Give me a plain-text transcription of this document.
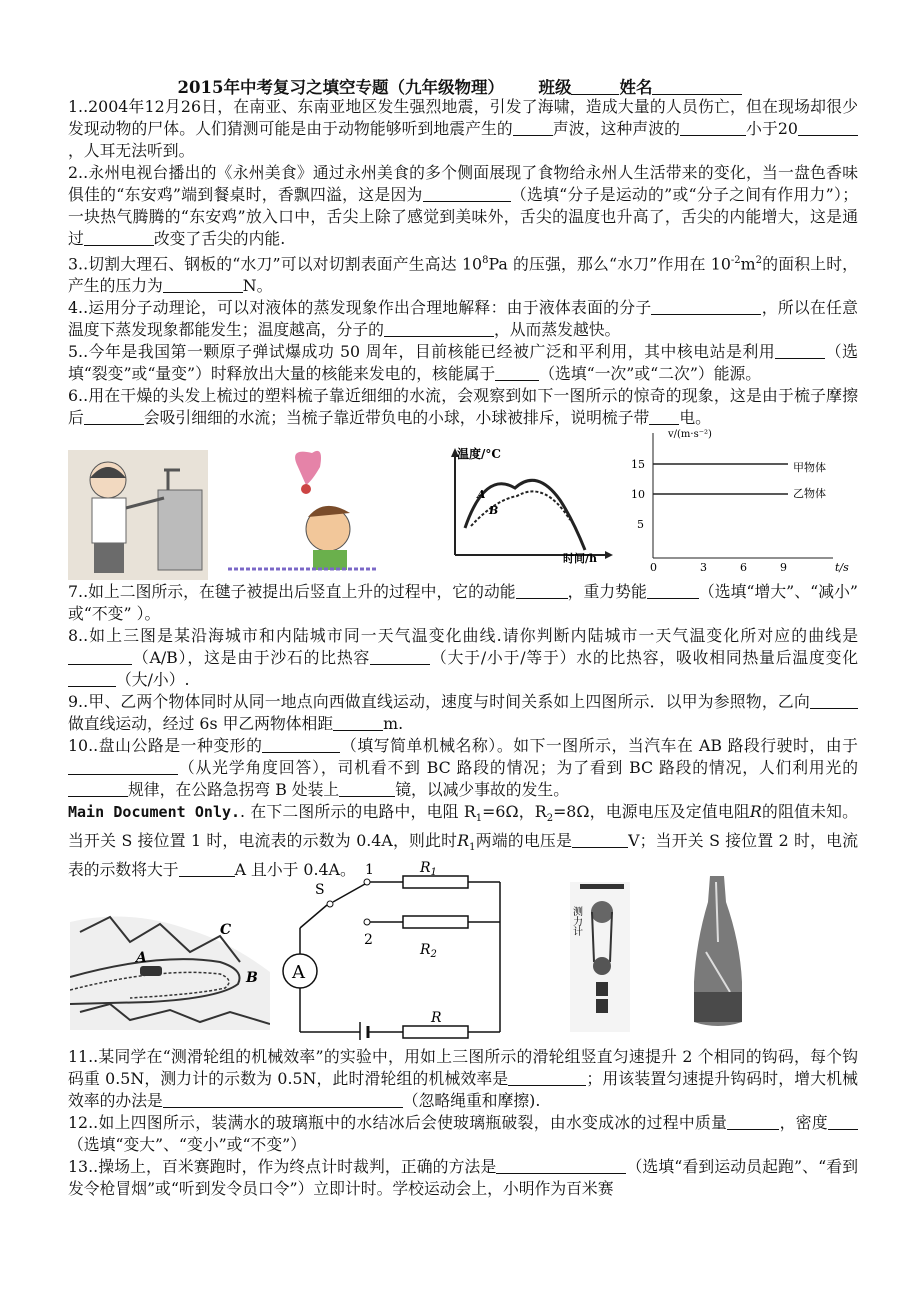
2015年中考复习之填空专题（九年级物理） 班级	姓名

1..2004年12月26日，在南亚、东南亚地区发生强烈地震，引发了海啸，造成大量的人员伤亡，但在现场却很少发现动物的尸体。人们猜测可能是由于动物能够听到地震产生的	声波，这种声波的	小于20，人耳无法听到。

2..永州电视台播出的《永州美食》通过永州美食的多个侧面展现了食物给永州人生活带来的变化，当一盘色香味俱佳的“东安鸡”端到餐桌时，香飘四溢，这是因为	（选填“分子是运动的”或“分子之间有作用力”）；一块热气腾腾的“东安鸡”放入口中，舌尖上除了感觉到美味外，舌尖的温度也升高了，舌尖的内能增大，这是通过	改变了舌尖的内能.

3..切割大理石、钢板的“水刀”可以对切割表面产生高达 $10^8Pa$ 的压强，那么“水刀”作用在 $10^{-2}m^2$的面积上时，产生的压力为	N。

4..运用分子动理论，可以对液体的蒸发现象作出合理地解释：由于液体表面的分子	，所以在任意温度下蒸发现象都能发生；温度越高，分子的	，从而蒸发越快。

5..今年是我国第一颗原子弹试爆成功 50 周年，目前核能已经被广泛和平利用，其中核电站是利用	（选填“裂变”或“量变”）时释放出大量的核能来发电的，核能属于	（选填“一次”或“二次”）能源。

6..用在干燥的头发上梳过的塑料梳子靠近细细的水流，会观察到如下一图所示的惊奇的现象，这是由于梳子摩擦后	会吸引细细的水流；当梳子靠近带负电的小球，小球被排斥，说明梳子带 电。

温度/°C
时间/h
A
B
v/(m·s⁻²)
t/s
15
10
5
0	3	6	9
甲物体
乙物体

7..如上二图所示，在毽子被提出后竖直上升的过程中，它的动能	，重力势能	（选填“增大”、“减小” 或“不变” ）。

8..如上三图是某沿海城市和内陆城市同一天气温变化曲线.请你判断内陆城市一天气温变化所对应的曲线是（A/B），这是由于沙石的比热容	（大于/小于/等于）水的比热容，吸收相同热量后温度变化（大/小）.

9..甲、乙两个物体同时从同一地点向西做直线运动，速度与时间关系如上四图所示．以甲为参照物，乙向做直线运动，经过 6s 甲乙两物体相距	m.

10..盘山公路是一种变形的	（填写简单机械名称）。如下一图所示，当汽车在 AB 路段行驶时，由于（从光学角度回答），司机看不到 BC 路段的情况；为了看到 BC 路段的情况，人们利用光的规律，在公路急拐弯 B 处装上	镜，以减少事故的发生。

Main Document Only.. 在下二图所示的电路中，电阻 $R_1=6\Omega$，$R_2=8\Omega$，电源电压及定值电阻R的阻值未知。当开关 S 接位置 1 时，电流表的示数为 0.4A，则此时$R_1$两端的电压是	V；当开关 S 接位置 2 时，电流表的示数将大于	A 且小于 0.4A。

A
B
C
A
S
1
2
$R_1$
$R_2$
R
测力计

11..某同学在“测滑轮组的机械效率”的实验中，用如上三图所示的滑轮组竖直匀速提升 2 个相同的钩码，每个钩码重 0.5N，测力计的示数为 0.5N，此时滑轮组的机械效率是	；用该装置匀速提升钩码时，增大机械效率的办法是	（忽略绳重和摩擦).

12..如上四图所示，装满水的玻璃瓶中的水结冰后会使玻璃瓶破裂，由水变成冰的过程中质量	，密度（选填“变大”、“变小”或“不变”）

13..操场上，百米赛跑时，作为终点计时裁判，正确的方法是	（选填“看到运动员起跑”、“看到发令枪冒烟”或“听到发令员口令”）立即计时。学校运动会上，小明作为百米赛
